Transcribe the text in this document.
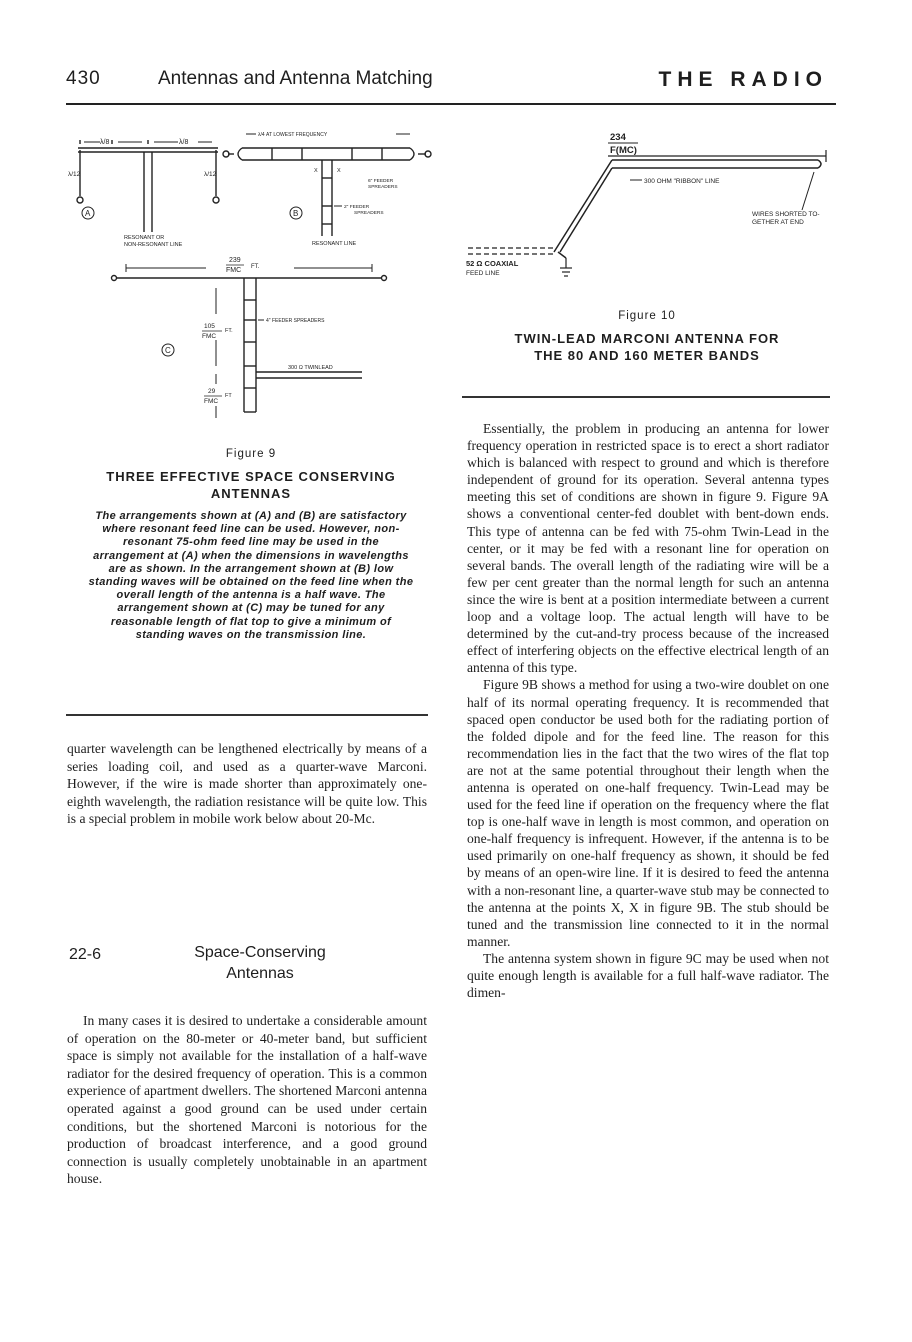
430	Antennas and Antenna Matching	THE RADIO
λ/8	λ/8
λ/12	λ/12
A
RESONANT OR
NON-RESONANT LINE
X	X
λ/4 AT LOWEST FREQUENCY
6" FEEDER
SPREADERS
2" FEEDER
SPREADERS
B
RESONANT LINE
239
FMC FT.
4" FEEDER SPREADERS
105
FMC
FT.
C
300 Ω TWINLEAD
29
FMC
FT
Figure 9
THREE EFFECTIVE SPACE CONSERVING ANTENNAS
The arrangements shown at (A) and (B) are satisfactory where resonant feed line can be used. However, non-resonant 75-ohm feed line may be used in the arrangement at (A) when the dimensions in wavelengths are as shown. In the arrangement shown at (B) low standing waves will be obtained on the feed line when the overall length of the antenna is a half wave. The arrangement shown at (C) may be tuned for any reasonable length of flat top to give a minimum of standing waves on the transmission line.
234
F(MC)
300 OHM "RIBBON" LINE
WIRES SHORTED TO-
GETHER AT END
52 Ω COAXIAL
FEED LINE
Figure 10
TWIN-LEAD MARCONI ANTENNA FOR THE 80 AND 160 METER BANDS

quarter wavelength can be lengthened electrically by means of a series loading coil, and used as a quarter-wave Marconi. However, if the wire is made shorter than approximately one-eighth wavelength, the radiation resistance will be quite low. This is a special problem in mobile work below about 20-Mc.

22-6	Space-Conserving Antennas

In many cases it is desired to undertake a considerable amount of operation on the 80-meter or 40-meter band, but sufficient space is simply not available for the installation of a half-wave radiator for the desired frequency of operation. This is a common experience of apartment dwellers. The shortened Marconi antenna operated against a good ground can be used under certain conditions, but the shortened Marconi is notorious for the production of broadcast interference, and a good ground connection is usually completely unobtainable in an apartment house.

Essentially, the problem in producing an antenna for lower frequency operation in restricted space is to erect a short radiator which is balanced with respect to ground and which is therefore independent of ground for its operation. Several antenna types meeting this set of conditions are shown in figure 9. Figure 9A shows a conventional center-fed doublet with bent-down ends. This type of antenna can be fed with 75-ohm Twin-Lead in the center, or it may be fed with a resonant line for operation on several bands. The overall length of the radiating wire will be a few per cent greater than the normal length for such an antenna since the wire is bent at a position intermediate between a current loop and a voltage loop. The actual length will have to be determined by the cut-and-try process because of the increased effect of interfering objects on the effective electrical length of an antenna of this type.

Figure 9B shows a method for using a two-wire doublet on one half of its normal operating frequency. It is recommended that spaced open conductor be used both for the radiating portion of the folded dipole and for the feed line. The reason for this recommendation lies in the fact that the two wires of the flat top are not at the same potential throughout their length when the antenna is operated on one-half frequency. Twin-Lead may be used for the feed line if operation on the frequency where the flat top is one-half wave in length is most common, and operation on one-half frequency is infrequent. However, if the antenna is to be used primarily on one-half frequency as shown, it should be fed by means of an open-wire line. If it is desired to feed the antenna with a non-resonant line, a quarter-wave stub may be connected to the antenna at the points X, X in figure 9B. The stub should be tuned and the transmission line connected to it in the normal manner.

The antenna system shown in figure 9C may be used when not quite enough length is available for a full half-wave radiator. The dimen-
